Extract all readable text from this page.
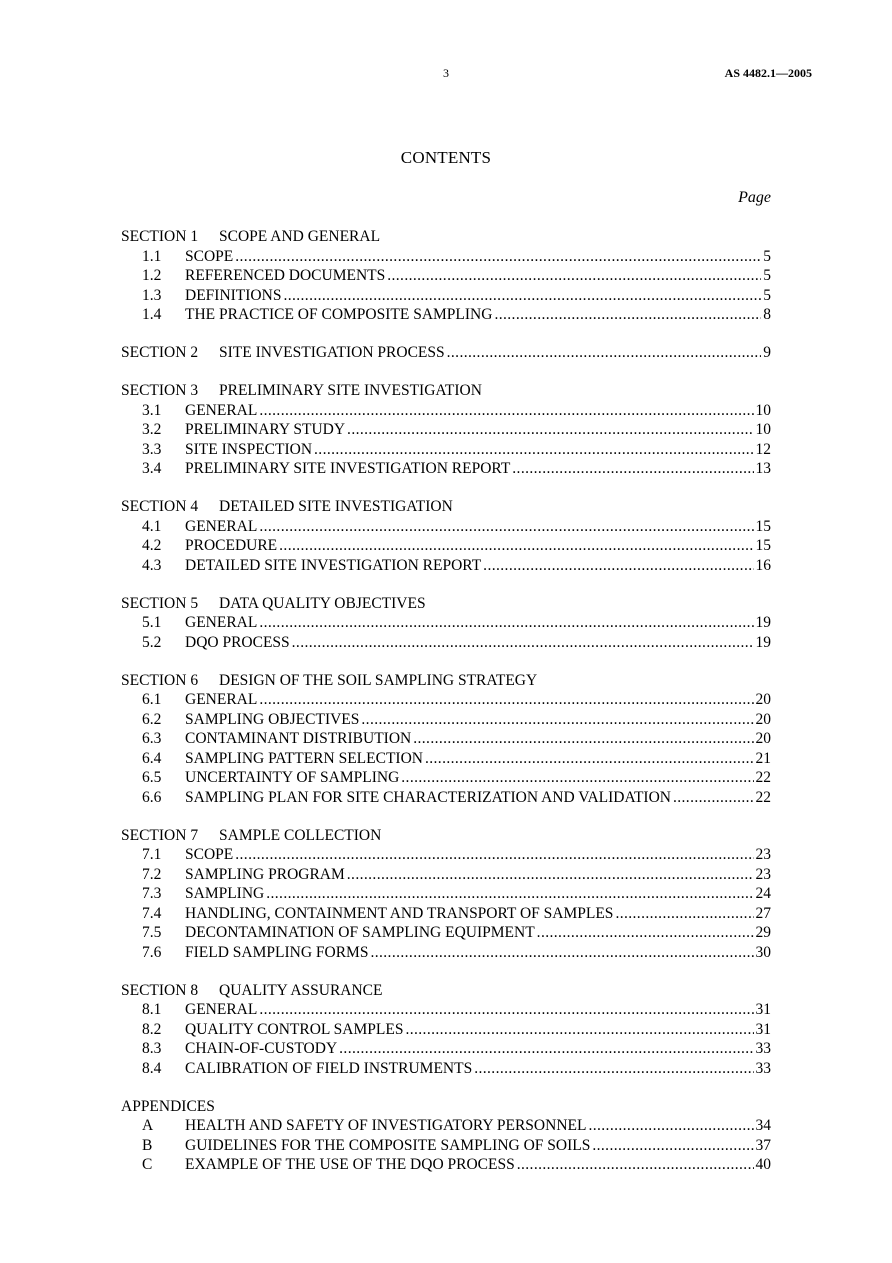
3	AS 4482.1—2005
CONTENTS
Page
SECTION 1	SCOPE AND GENERAL
1.1	SCOPE .....	5
1.2	REFERENCED DOCUMENTS .....	5
1.3	DEFINITIONS .....	5
1.4	THE PRACTICE OF COMPOSITE SAMPLING .....	8
SECTION 2	SITE INVESTIGATION PROCESS .....	9
SECTION 3	PRELIMINARY SITE INVESTIGATION
3.1	GENERAL .....	10
3.2	PRELIMINARY STUDY .....	10
3.3	SITE INSPECTION .....	12
3.4	PRELIMINARY SITE INVESTIGATION REPORT .....	13
SECTION 4	DETAILED SITE INVESTIGATION
4.1	GENERAL .....	15
4.2	PROCEDURE .....	15
4.3	DETAILED SITE INVESTIGATION REPORT .....	16
SECTION 5	DATA QUALITY OBJECTIVES
5.1	GENERAL .....	19
5.2	DQO PROCESS .....	19
SECTION 6	DESIGN OF THE SOIL SAMPLING STRATEGY
6.1	GENERAL .....	20
6.2	SAMPLING OBJECTIVES .....	20
6.3	CONTAMINANT DISTRIBUTION .....	20
6.4	SAMPLING PATTERN SELECTION .....	21
6.5	UNCERTAINTY OF SAMPLING .....	22
6.6	SAMPLING PLAN FOR SITE CHARACTERIZATION AND VALIDATION .....	22
SECTION 7	SAMPLE COLLECTION
7.1	SCOPE .....	23
7.2	SAMPLING PROGRAM .....	23
7.3	SAMPLING .....	24
7.4	HANDLING, CONTAINMENT AND TRANSPORT OF SAMPLES .....	27
7.5	DECONTAMINATION OF SAMPLING EQUIPMENT .....	29
7.6	FIELD SAMPLING FORMS .....	30
SECTION 8	QUALITY ASSURANCE
8.1	GENERAL .....	31
8.2	QUALITY CONTROL SAMPLES .....	31
8.3	CHAIN-OF-CUSTODY .....	33
8.4	CALIBRATION OF FIELD INSTRUMENTS .....	33
APPENDICES
A	HEALTH AND SAFETY OF INVESTIGATORY PERSONNEL .....	34
B	GUIDELINES FOR THE COMPOSITE SAMPLING OF SOILS .....	37
C	EXAMPLE OF THE USE OF THE DQO PROCESS .....	40
